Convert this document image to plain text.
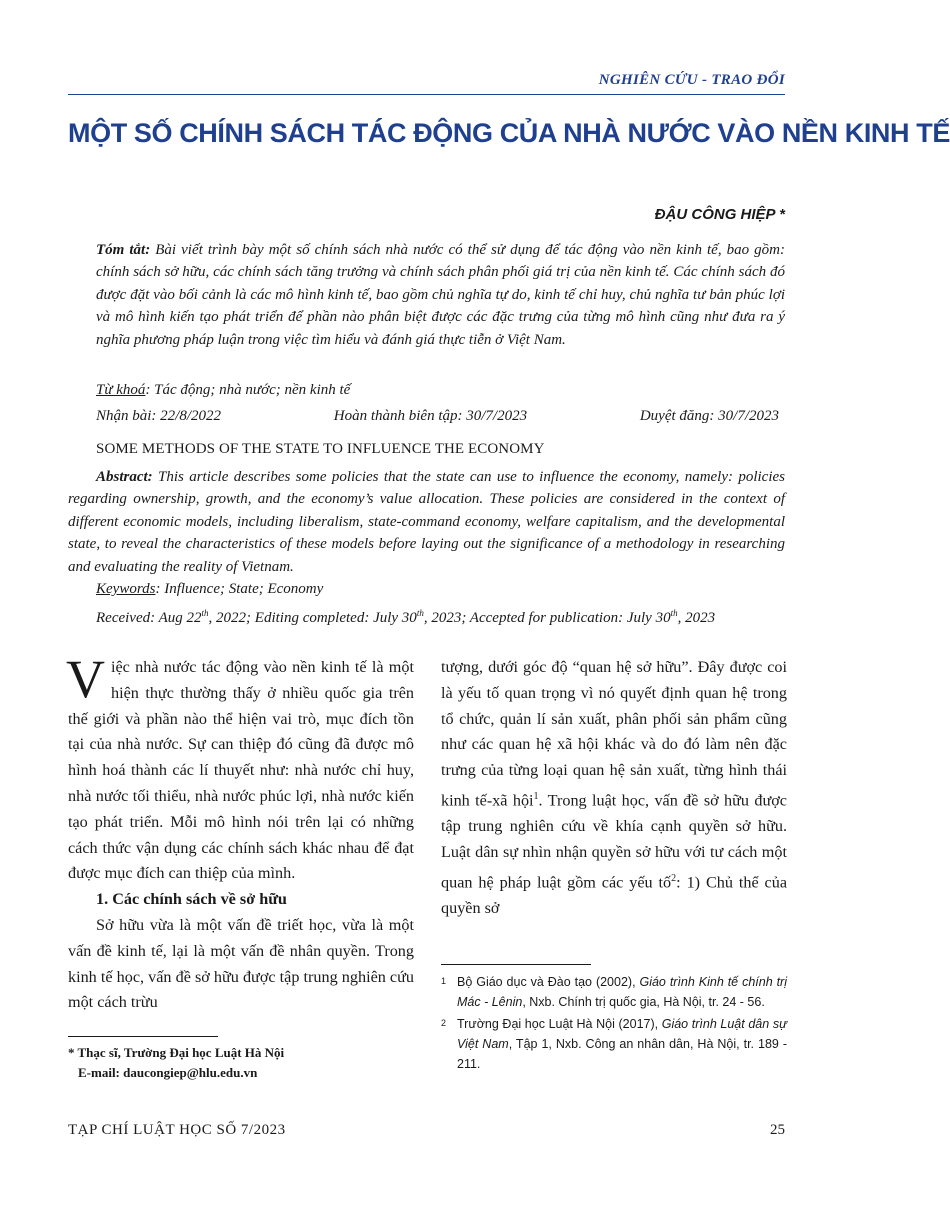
NGHIÊN CỨU - TRAO ĐỔI
MỘT SỐ CHÍNH SÁCH TÁC ĐỘNG CỦA NHÀ NƯỚC VÀO NỀN KINH TẾ
ĐẬU CÔNG HIỆP *

Tóm tắt: Bài viết trình bày một số chính sách nhà nước có thể sử dụng để tác động vào nền kinh tế, bao gồm: chính sách sở hữu, các chính sách tăng trưởng và chính sách phân phối giá trị của nền kinh tế. Các chính sách đó được đặt vào bối cảnh là các mô hình kinh tế, bao gồm chủ nghĩa tự do, kinh tế chỉ huy, chủ nghĩa tư bản phúc lợi và mô hình kiến tạo phát triển để phần nào phân biệt được các đặc trưng của từng mô hình cũng như đưa ra ý nghĩa phương pháp luận trong việc tìm hiểu và đánh giá thực tiễn ở Việt Nam.

Từ khoá: Tác động; nhà nước; nền kinh tế
Nhận bài: 22/8/2022	Hoàn thành biên tập: 30/7/2023	Duyệt đăng: 30/7/2023
SOME METHODS OF THE STATE TO INFLUENCE THE ECONOMY

Abstract: This article describes some policies that the state can use to influence the economy, namely: policies regarding ownership, growth, and the economy’s value allocation. These policies are considered in the context of different economic models, including liberalism, state-command economy, welfare capitalism, and the developmental state, to reveal the characteristics of these models before laying out the significance of a methodology in researching and evaluating the reality of Vietnam.

Keywords: Influence; State; Economy
Received: Aug 22th, 2022; Editing completed: July 30th, 2023; Accepted for publication: July 30th, 2023

Việc nhà nước tác động vào nền kinh tế là một hiện thực thường thấy ở nhiều quốc gia trên thế giới và phần nào thể hiện vai trò, mục đích tồn tại của nhà nước. Sự can thiệp đó cũng đã được mô hình hoá thành các lí thuyết như: nhà nước chỉ huy, nhà nước tối thiểu, nhà nước phúc lợi, nhà nước kiến tạo phát triển. Mỗi mô hình nói trên lại có những cách thức vận dụng các chính sách khác nhau để đạt được mục đích can thiệp của mình.

1. Các chính sách về sở hữu

Sở hữu vừa là một vấn đề triết học, vừa là một vấn đề kinh tế, lại là một vấn đề nhân quyền. Trong kinh tế học, vấn đề sở hữu được tập trung nghiên cứu một cách trừu

tượng, dưới góc độ “quan hệ sở hữu”. Đây được coi là yếu tố quan trọng vì nó quyết định quan hệ trong tổ chức, quản lí sản xuất, phân phối sản phẩm cũng như các quan hệ xã hội khác và do đó làm nên đặc trưng của từng loại quan hệ sản xuất, từng hình thái kinh tế-xã hội$^1$. Trong luật học, vấn đề sở hữu được tập trung nghiên cứu về khía cạnh quyền sở hữu. Luật dân sự nhìn nhận quyền sở hữu với tư cách một quan hệ pháp luật gồm các yếu tố$^2$: 1) Chủ thể của quyền sở

* Thạc sĩ, Trường Đại học Luật Hà Nội
E-mail: daucongiep@hlu.edu.vn
1 Bộ Giáo dục và Đào tạo (2002), Giáo trình Kinh tế chính trị Mác - Lênin, Nxb. Chính trị quốc gia, Hà Nội, tr. 24 - 56.
2 Trường Đại học Luật Hà Nội (2017), Giáo trình Luật dân sự Việt Nam, Tập 1, Nxb. Công an nhân dân, Hà Nội, tr. 189 - 211.
TẠP CHÍ LUẬT HỌC SỐ 7/2023	25
